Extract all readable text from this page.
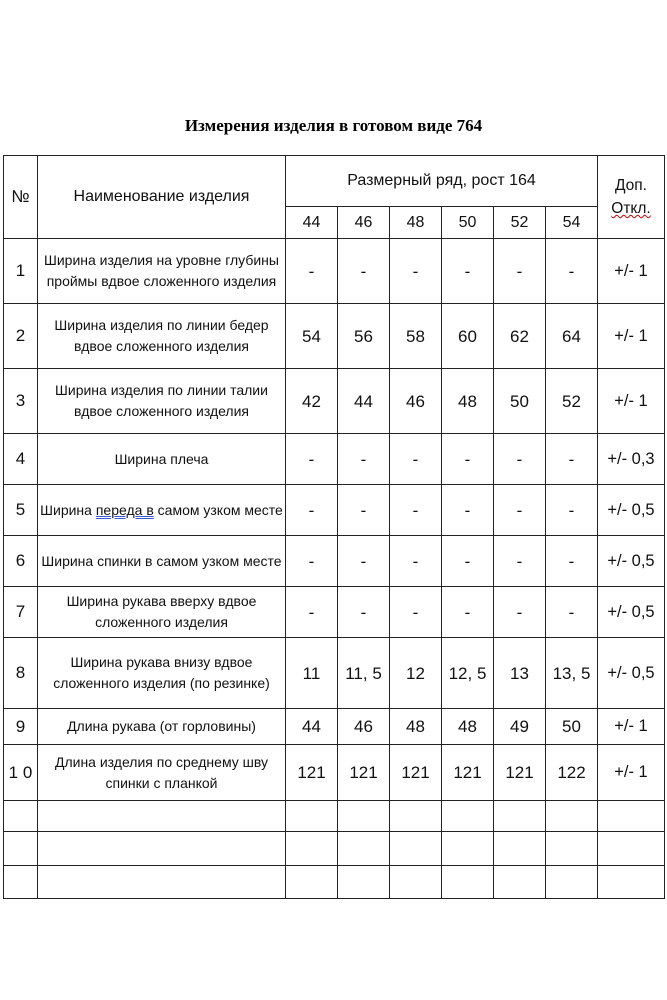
Измерения изделия в готовом виде 764
№	Наименование изделия	Размерный ряд, рост 164						Доп.
Откл.
		44	46	48	50	52	54	
1	Ширина изделия на уровне глубины проймы вдвое сложенного изделия	-	-	-	-	-	-	+/- 1
2	Ширина изделия по линии бедер вдвое сложенного изделия	54	56	58	60	62	64	+/- 1
3	Ширина изделия по линии талии вдвое сложенного изделия	42	44	46	48	50	52	+/- 1
4	Ширина плеча	-	-	-	-	-	-	+/- 0,3
5	Ширина переда в самом узком месте	-	-	-	-	-	-	+/- 0,5
6	Ширина спинки в самом узком месте	-	-	-	-	-	-	+/- 0,5
7	Ширина рукава вверху вдвое сложенного изделия	-	-	-	-	-	-	+/- 0,5
8	Ширина рукава внизу вдвое сложенного изделия (по резинке)	11	11, 5	12	12, 5	13	13, 5	+/- 0,5
9	Длина рукава (от горловины)	44	46	48	48	49	50	+/- 1
1 0	Длина изделия по среднему шву спинки с планкой	121	121	121	121	121	122	+/- 1
